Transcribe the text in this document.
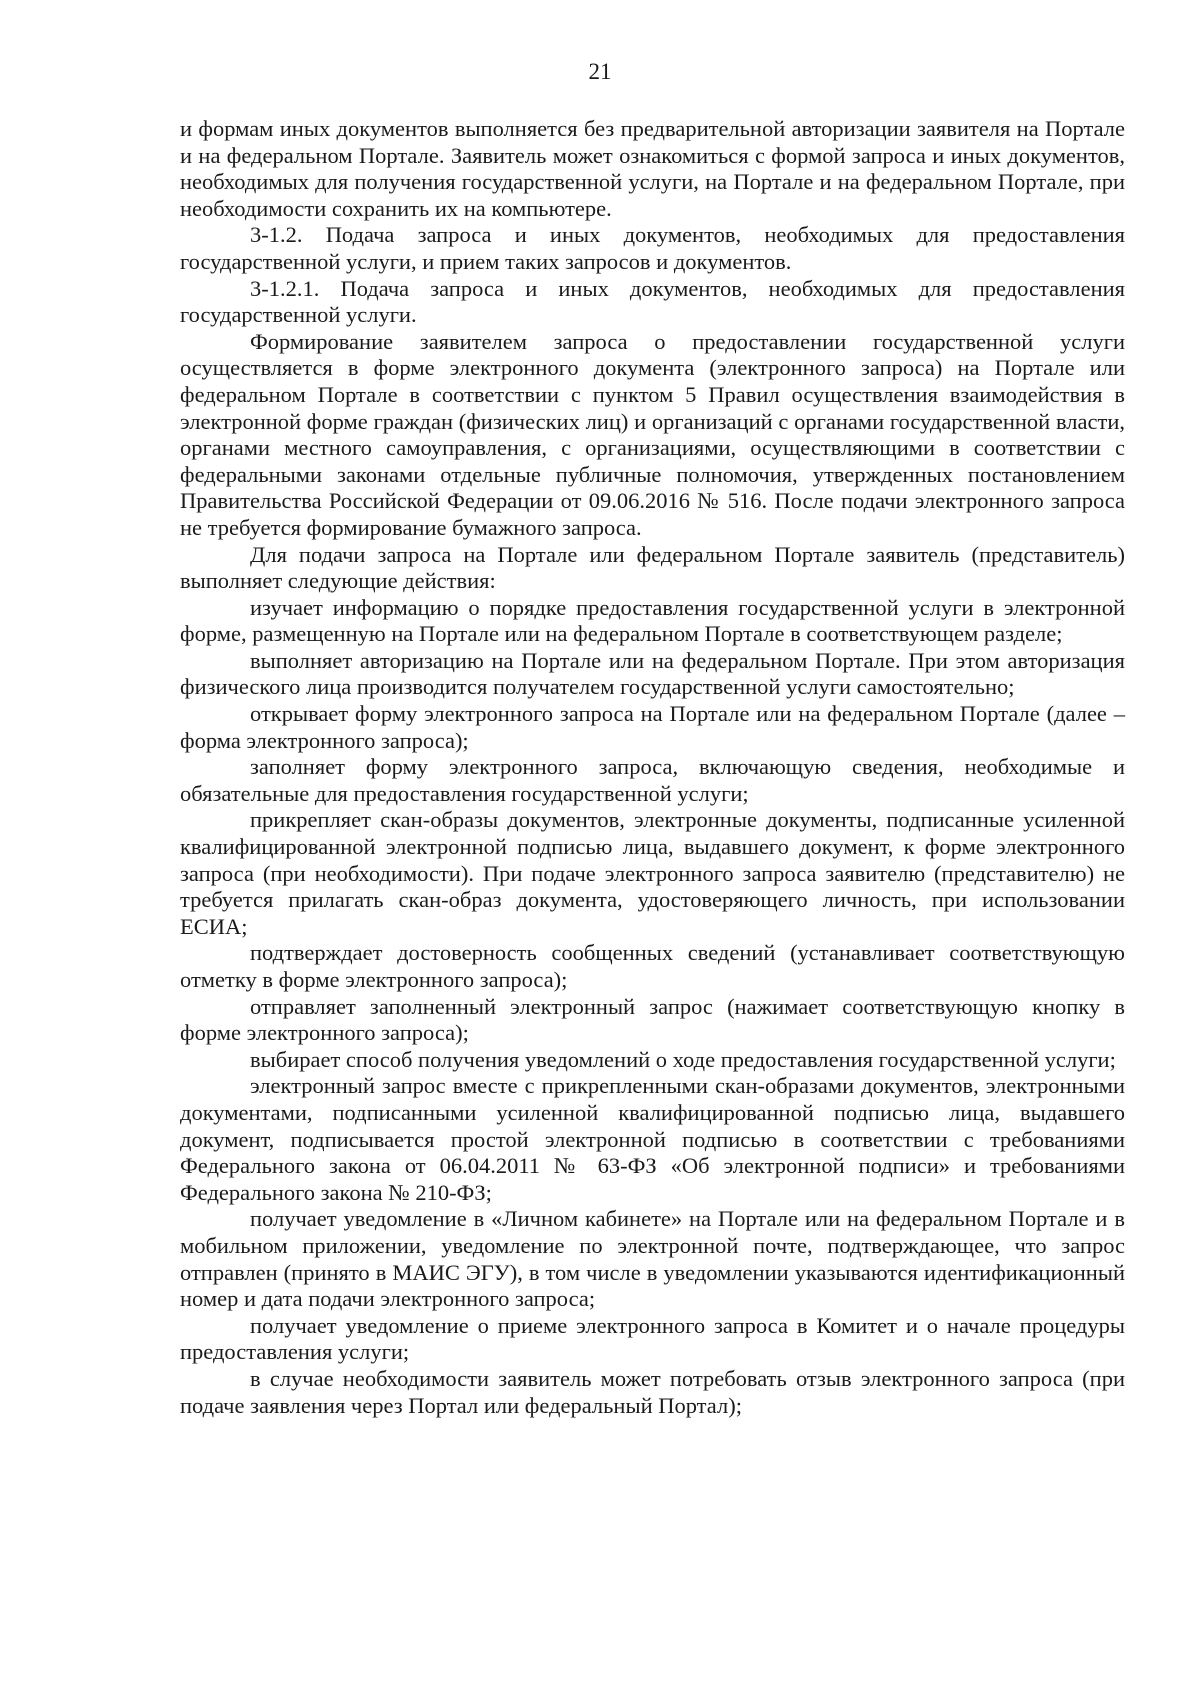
21

и формам иных документов выполняется без предварительной авторизации заявителя на Портале и на федеральном Портале. Заявитель может ознакомиться с формой запроса и иных документов, необходимых для получения государственной услуги, на Портале и на федеральном Портале, при необходимости сохранить их на компьютере.

3-1.2. Подача запроса и иных документов, необходимых для предоставления государственной услуги, и прием таких запросов и документов.

3-1.2.1. Подача запроса и иных документов, необходимых для предоставления государственной услуги.

Формирование заявителем запроса о предоставлении государственной услуги осуществляется в форме электронного документа (электронного запроса) на Портале или федеральном Портале в соответствии с пунктом 5 Правил осуществления взаимодействия в электронной форме граждан (физических лиц) и организаций с органами государственной власти, органами местного самоуправления, с организациями, осуществляющими в соответствии с федеральными законами отдельные публичные полномочия, утвержденных постановлением Правительства Российской Федерации от 09.06.2016 № 516. После подачи электронного запроса не требуется формирование бумажного запроса.

Для подачи запроса на Портале или федеральном Портале заявитель (представитель) выполняет следующие действия:

изучает информацию о порядке предоставления государственной услуги в электронной форме, размещенную на Портале или на федеральном Портале в соответствующем разделе;

выполняет авторизацию на Портале или на федеральном Портале. При этом авторизация физического лица производится получателем государственной услуги самостоятельно;

открывает форму электронного запроса на Портале или на федеральном Портале (далее – форма электронного запроса);

заполняет форму электронного запроса, включающую сведения, необходимые и обязательные для предоставления государственной услуги;

прикрепляет скан-образы документов, электронные документы, подписанные усиленной квалифицированной электронной подписью лица, выдавшего документ, к форме электронного запроса (при необходимости). При подаче электронного запроса заявителю (представителю) не требуется прилагать скан-образ документа, удостоверяющего личность, при использовании ЕСИА;

подтверждает достоверность сообщенных сведений (устанавливает соответствующую отметку в форме электронного запроса);

отправляет заполненный электронный запрос (нажимает соответствующую кнопку в форме электронного запроса);

выбирает способ получения уведомлений о ходе предоставления государственной услуги;

электронный запрос вместе с прикрепленными скан-образами документов, электронными документами, подписанными усиленной квалифицированной подписью лица, выдавшего документ, подписывается простой электронной подписью в соответствии с требованиями Федерального закона от 06.04.2011 № 63-ФЗ «Об электронной подписи» и требованиями Федерального закона № 210-ФЗ;

получает уведомление в «Личном кабинете» на Портале или на федеральном Портале и в мобильном приложении, уведомление по электронной почте, подтверждающее, что запрос отправлен (принято в МАИС ЭГУ), в том числе в уведомлении указываются идентификационный номер и дата подачи электронного запроса;

получает уведомление о приеме электронного запроса в Комитет и о начале процедуры предоставления услуги;

в случае необходимости заявитель может потребовать отзыв электронного запроса (при подаче заявления через Портал или федеральный Портал);
